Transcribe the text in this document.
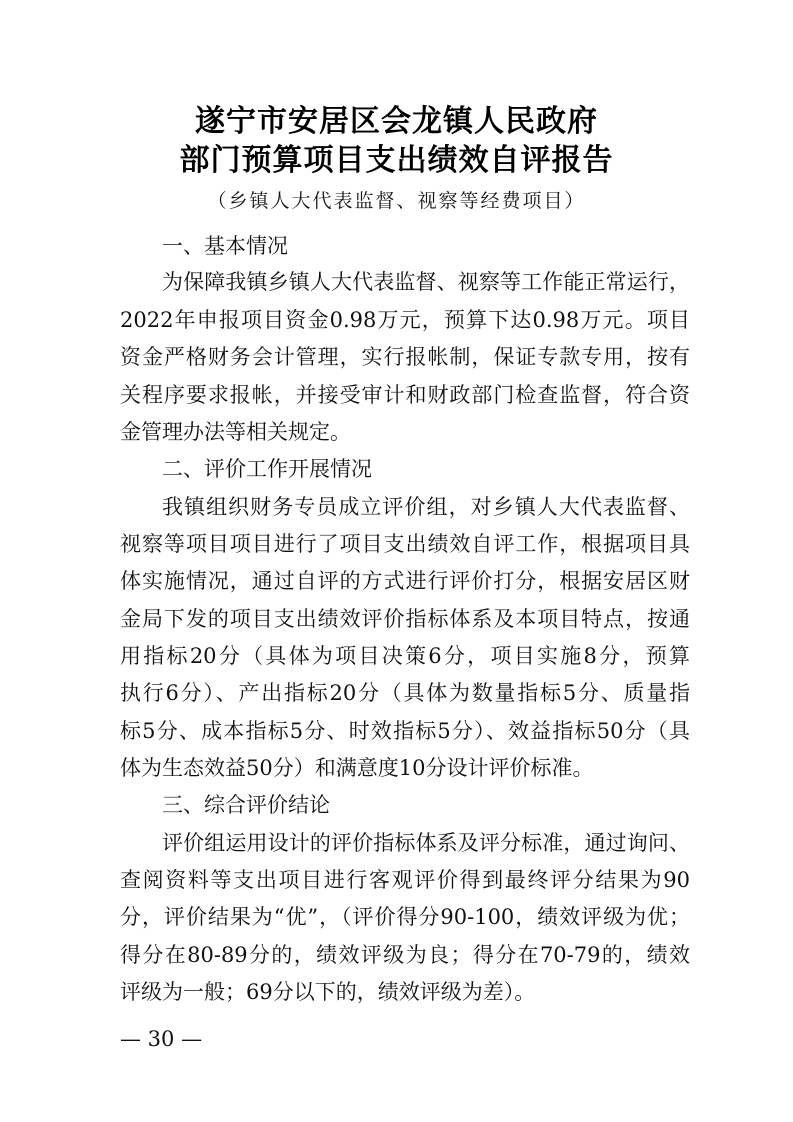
遂宁市安居区会龙镇人民政府
部门预算项目支出绩效自评报告
（乡镇人大代表监督、视察等经费项目）
一、基本情况
为保障我镇乡镇人大代表监督、视察等工作能正常运行，
2022年申报项目资金0.98万元，预算下达0.98万元。项目
资金严格财务会计管理，实行报帐制，保证专款专用，按有
关程序要求报帐，并接受审计和财政部门检查监督，符合资
金管理办法等相关规定。
二、评价工作开展情况
我镇组织财务专员成立评价组，对乡镇人大代表监督、
视察等项目项目进行了项目支出绩效自评工作，根据项目具
体实施情况，通过自评的方式进行评价打分，根据安居区财
金局下发的项目支出绩效评价指标体系及本项目特点，按通
用指标20分（具体为项目决策6分，项目实施8分，预算
执行6分）、产出指标20分（具体为数量指标5分、质量指
标5分、成本指标5分、时效指标5分）、效益指标50分（具
体为生态效益50分）和满意度10分设计评价标准。
三、综合评价结论
评价组运用设计的评价指标体系及评分标准，通过询问、
查阅资料等支出项目进行客观评价得到最终评分结果为90
分，评价结果为“优”，（评价得分90-100，绩效评级为优；
得分在80-89分的，绩效评级为良；得分在70-79的，绩效
评级为一般；69分以下的，绩效评级为差）。
— 30 —
